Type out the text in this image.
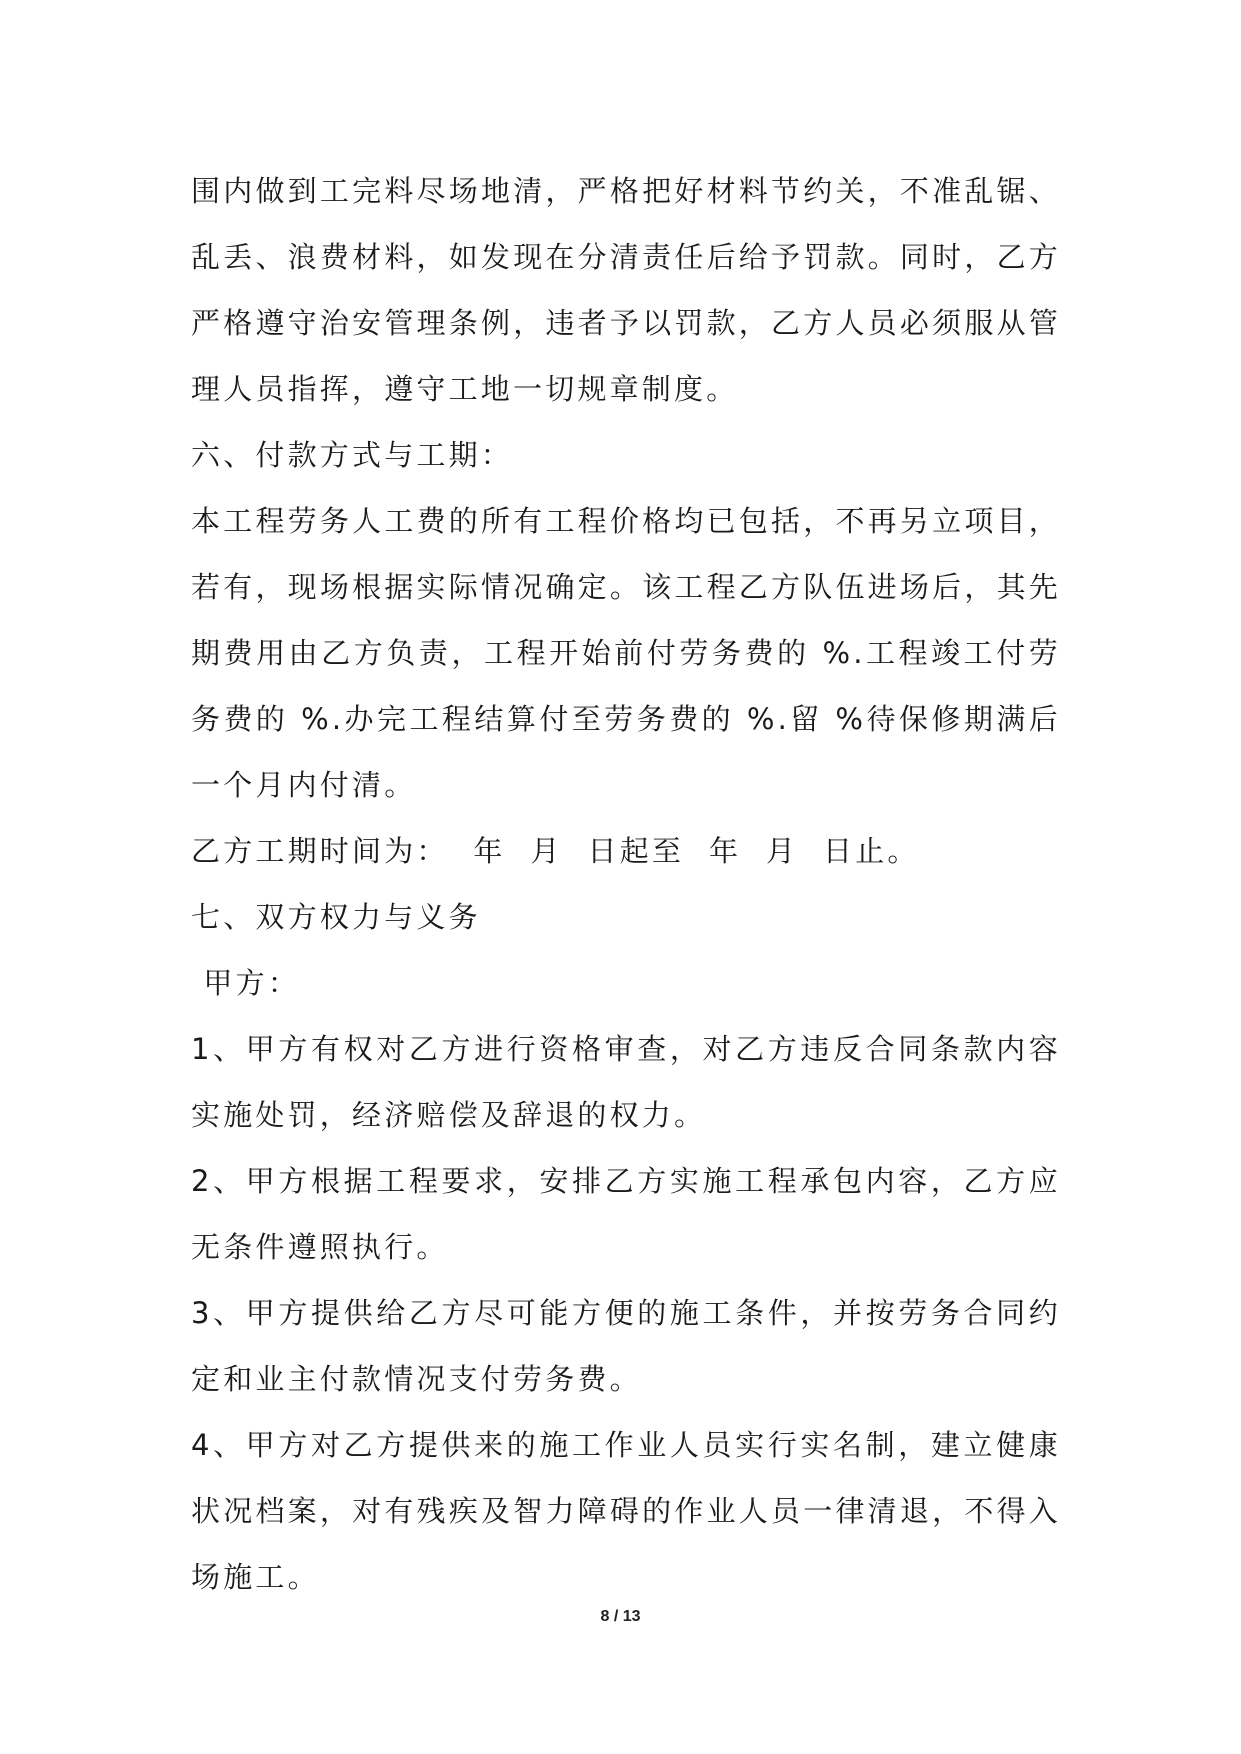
围内做到工完料尽场地清，严格把好材料节约关，不准乱锯、乱丢、浪费材料，如发现在分清责任后给予罚款。同时，乙方严格遵守治安管理条例，违者予以罚款，乙方人员必须服从管理人员指挥，遵守工地一切规章制度。

六、付款方式与工期：

本工程劳务人工费的所有工程价格均已包括，不再另立项目，若有，现场根据实际情况确定。该工程乙方队伍进场后，其先期费用由乙方负责，工程开始前付劳务费的 %.工程竣工付劳务费的 %.办完工程结算付至劳务费的 %.留 %待保修期满后一个月内付清。

乙方工期时间为：  年  月  日起至  年  月  日止。

七、双方权力与义务

甲方：

1、甲方有权对乙方进行资格审查，对乙方违反合同条款内容实施处罚，经济赔偿及辞退的权力。

2、甲方根据工程要求，安排乙方实施工程承包内容，乙方应无条件遵照执行。

3、甲方提供给乙方尽可能方便的施工条件，并按劳务合同约定和业主付款情况支付劳务费。

4、甲方对乙方提供来的施工作业人员实行实名制，建立健康状况档案，对有残疾及智力障碍的作业人员一律清退，不得入场施工。

8 / 13
